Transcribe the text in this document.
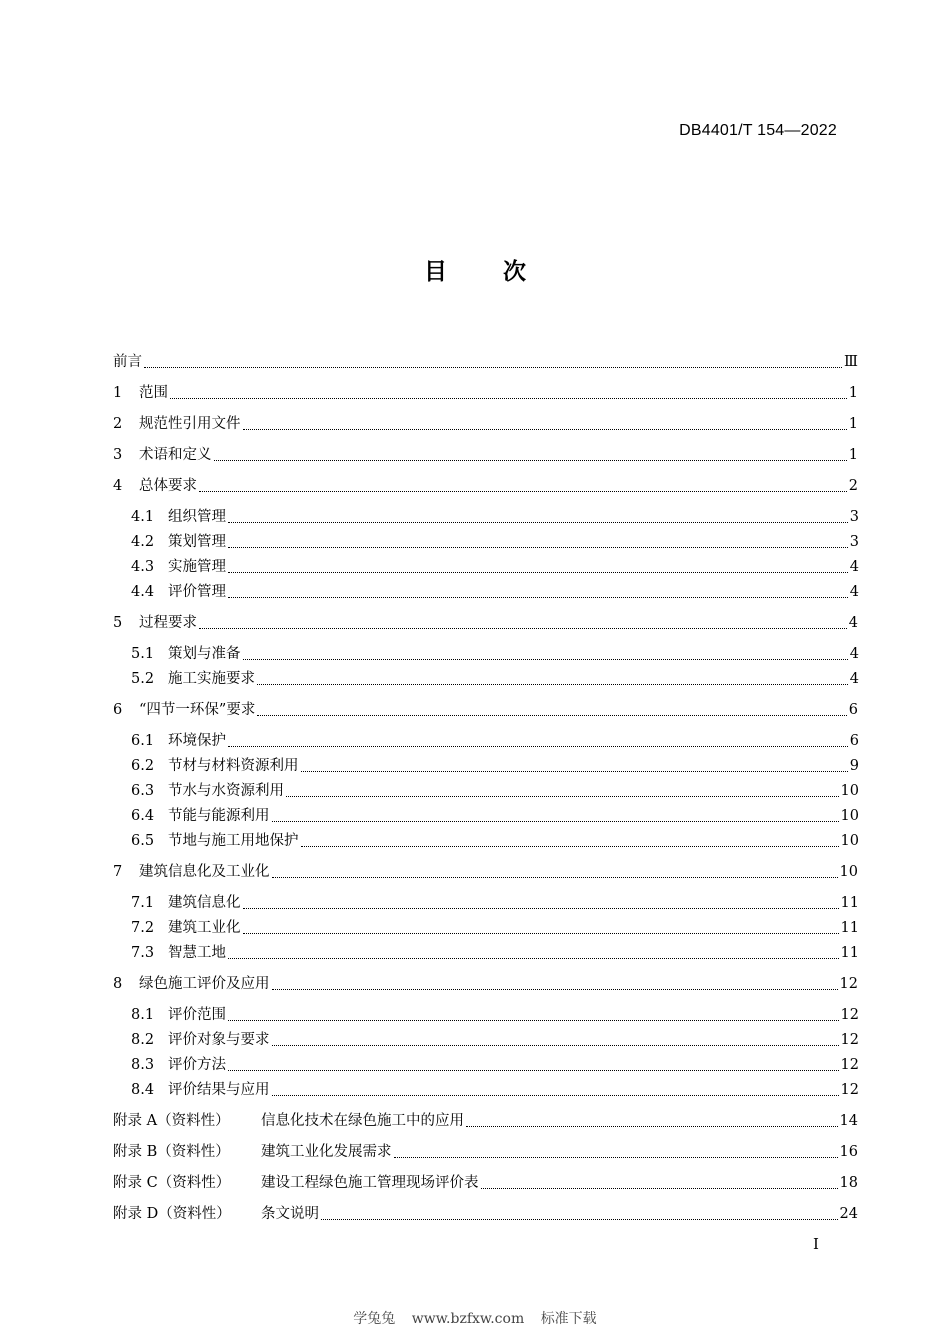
DB4401/T 154—2022
目 次
前言	Ⅲ
1	范围	1
2	规范性引用文件	1
3	术语和定义	1
4	总体要求	2
4.1 组织管理	3
4.2 策划管理	3
4.3 实施管理	4
4.4 评价管理	4
5	过程要求	4
5.1 策划与准备	4
5.2 施工实施要求	4
6	“四节一环保”要求	6
6.1 环境保护	6
6.2 节材与材料资源利用	9
6.3 节水与水资源利用	10
6.4 节能与能源利用	10
6.5 节地与施工用地保护	10
7	建筑信息化及工业化	10
7.1 建筑信息化	11
7.2 建筑工业化	11
7.3 智慧工地	11
8	绿色施工评价及应用	12
8.1 评价范围	12
8.2 评价对象与要求	12
8.3 评价方法	12
8.4 评价结果与应用	12
附录 A（资料性）	信息化技术在绿色施工中的应用	14
附录 B（资料性）	建筑工业化发展需求	16
附录 C（资料性）	建设工程绿色施工管理现场评价表	18
附录 D（资料性）	条文说明	24
I
学兔兔 www.bzfxw.com 标准下载
